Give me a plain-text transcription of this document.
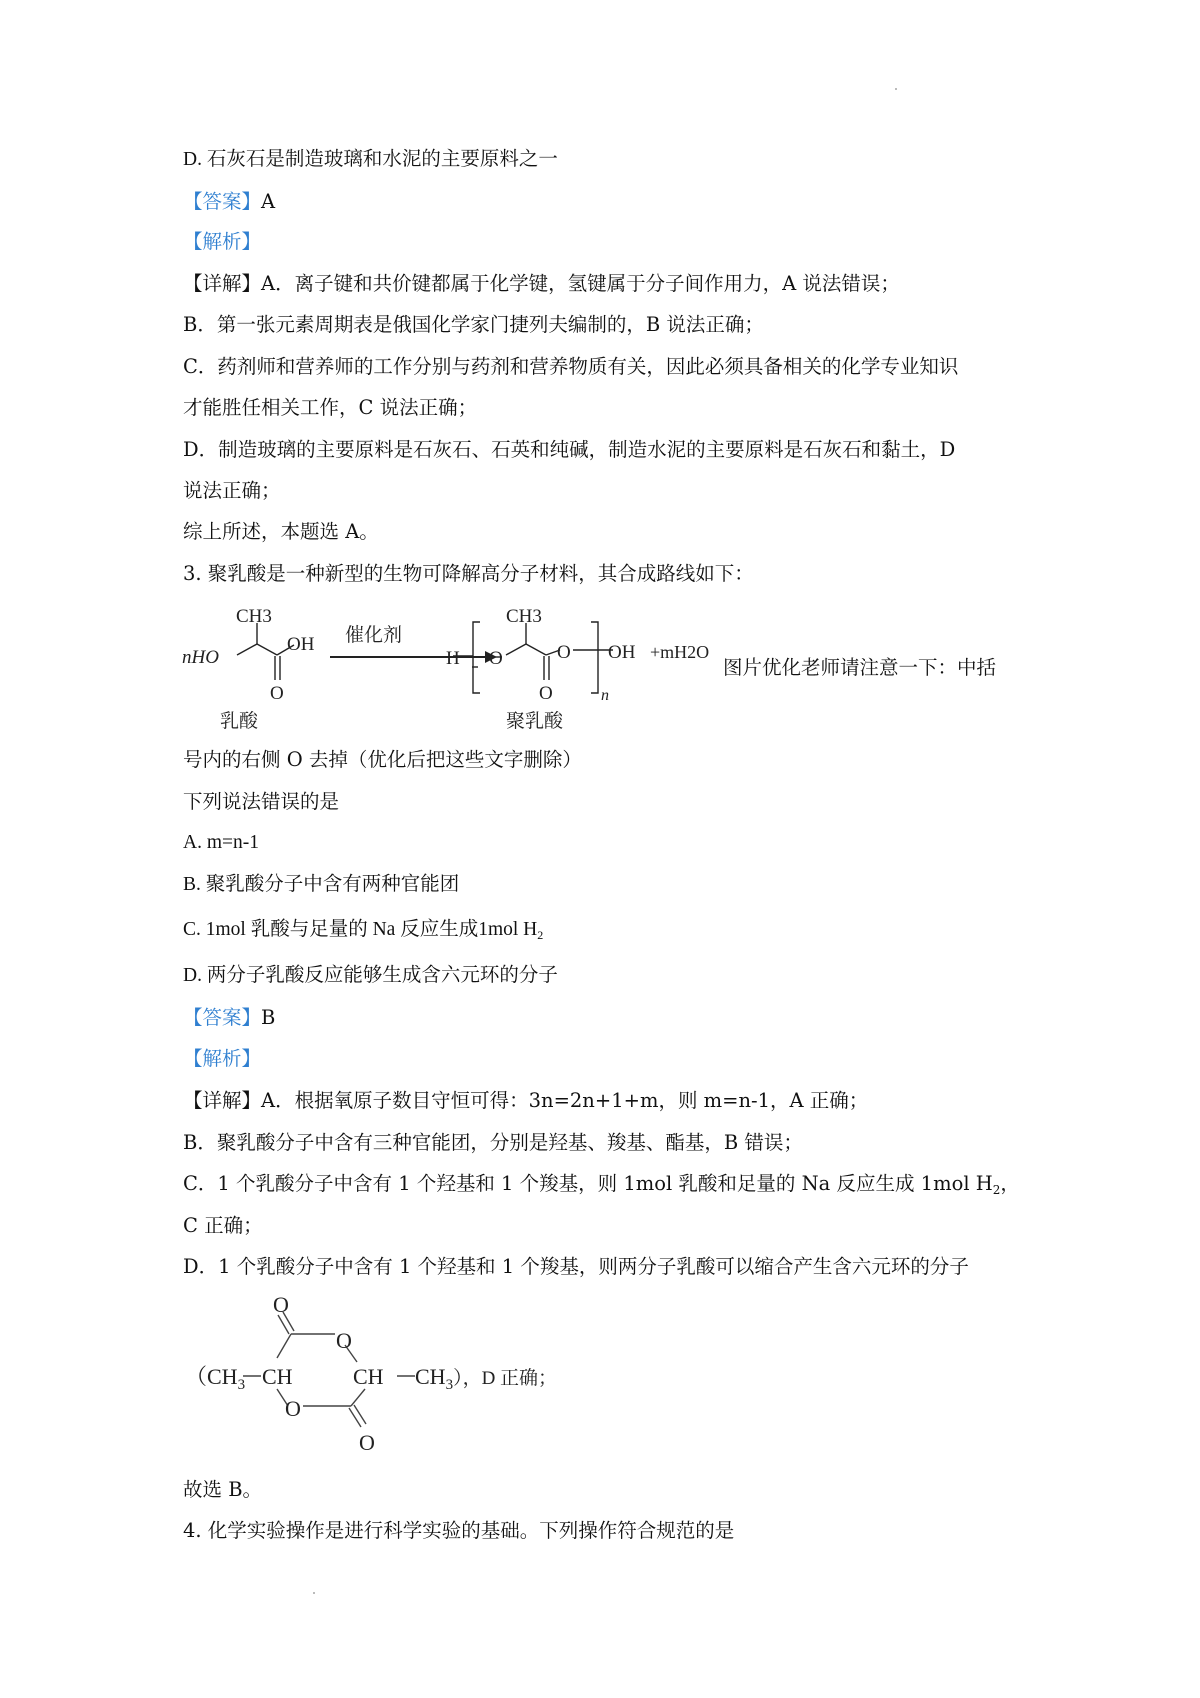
D. 石灰石是制造玻璃和水泥的主要原料之一
【答案】A
【解析】
【详解】A．离子键和共价键都属于化学键，氢键属于分子间作用力，A 说法错误；
B．第一张元素周期表是俄国化学家门捷列夫编制的，B 说法正确；
C．药剂师和营养师的工作分别与药剂和营养物质有关，因此必须具备相关的化学专业知识
才能胜任相关工作，C 说法正确；
D．制造玻璃的主要原料是石灰石、石英和纯碱，制造水泥的主要原料是石灰石和黏土，D
说法正确；
综上所述，本题选 A。
3. 聚乳酸是一种新型的生物可降解高分子材料，其合成路线如下：
CH3
nHO
OH
O
催化剂
H O
CH3
O
O
OH
n
+mH2O
乳酸	聚乳酸
图片优化老师请注意一下：中括
号内的右侧 O 去掉（优化后把这些文字删除）
下列说法错误的是
A. m=n-1
B. 聚乳酸分子中含有两种官能团
C. 1mol 乳酸与足量的 Na 反应生成1mol $H_2$
D. 两分子乳酸反应能够生成含六元环的分子
【答案】B
【解析】
【详解】A．根据氧原子数目守恒可得：3n=2n+1+m，则 m=n-1，A 正确；
B．聚乳酸分子中含有三种官能团，分别是羟基、羧基、酯基，B 错误；
C．1 个乳酸分子中含有 1 个羟基和 1 个羧基，则 1mol 乳酸和足量的 Na 反应生成 1mol $H_2$，
C 正确；
D．1 个乳酸分子中含有 1 个羟基和 1 个羧基，则两分子乳酸可以缩合产生含六元环的分子
O
O
（$CH_3$ CH	CH $CH_3$），D 正确；
O
O
故选 B。
4. 化学实验操作是进行科学实验的基础。下列操作符合规范的是
